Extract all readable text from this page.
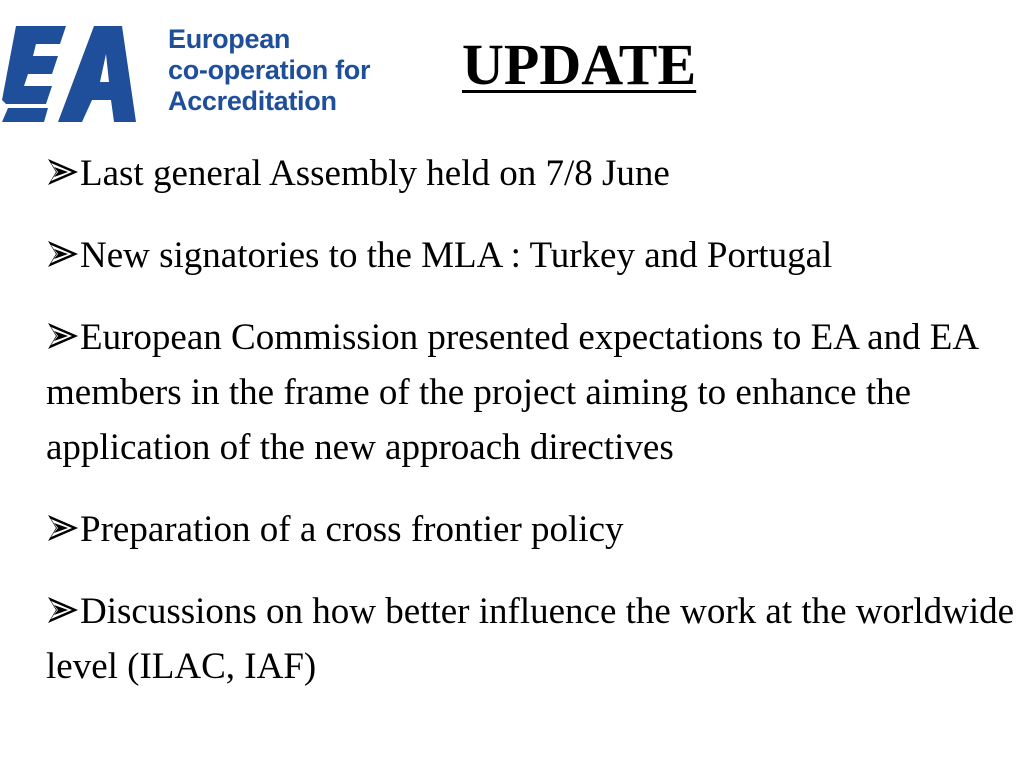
European
co-operation for
Accreditation
UPDATE
Last general Assembly held on 7/8 June
New signatories to the MLA : Turkey and Portugal
European Commission presented expectations to EA and EA members in the frame of the project aiming to enhance the application of the new approach directives
Preparation of a cross frontier policy
Discussions on how better influence the work at the worldwide level (ILAC, IAF)
